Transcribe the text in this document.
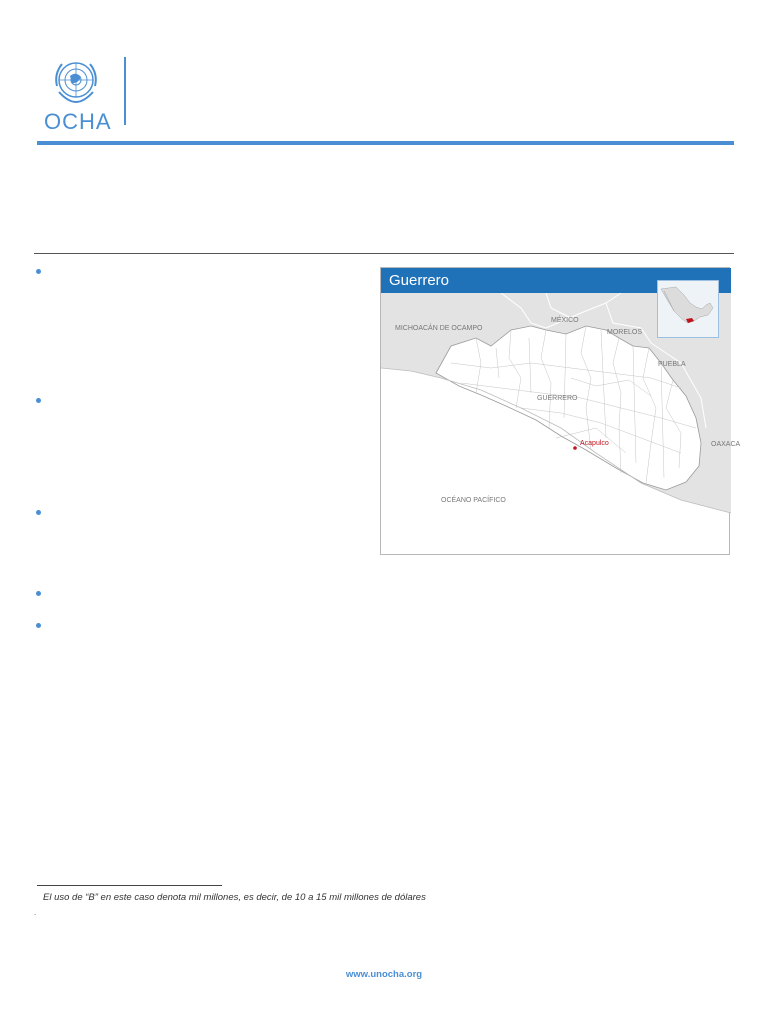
OCHA
MICHOACÁN DE OCAMPO
MÉXICO
MORELOS
PUEBLA
GUERRERO
OAXACA
OCÉANO PACÍFICO
Acapulco
Guerrero
El uso de “B” en este caso denota mil millones, es decir, de 10 a 15 mil millones de dólares
.
www.unocha.org
